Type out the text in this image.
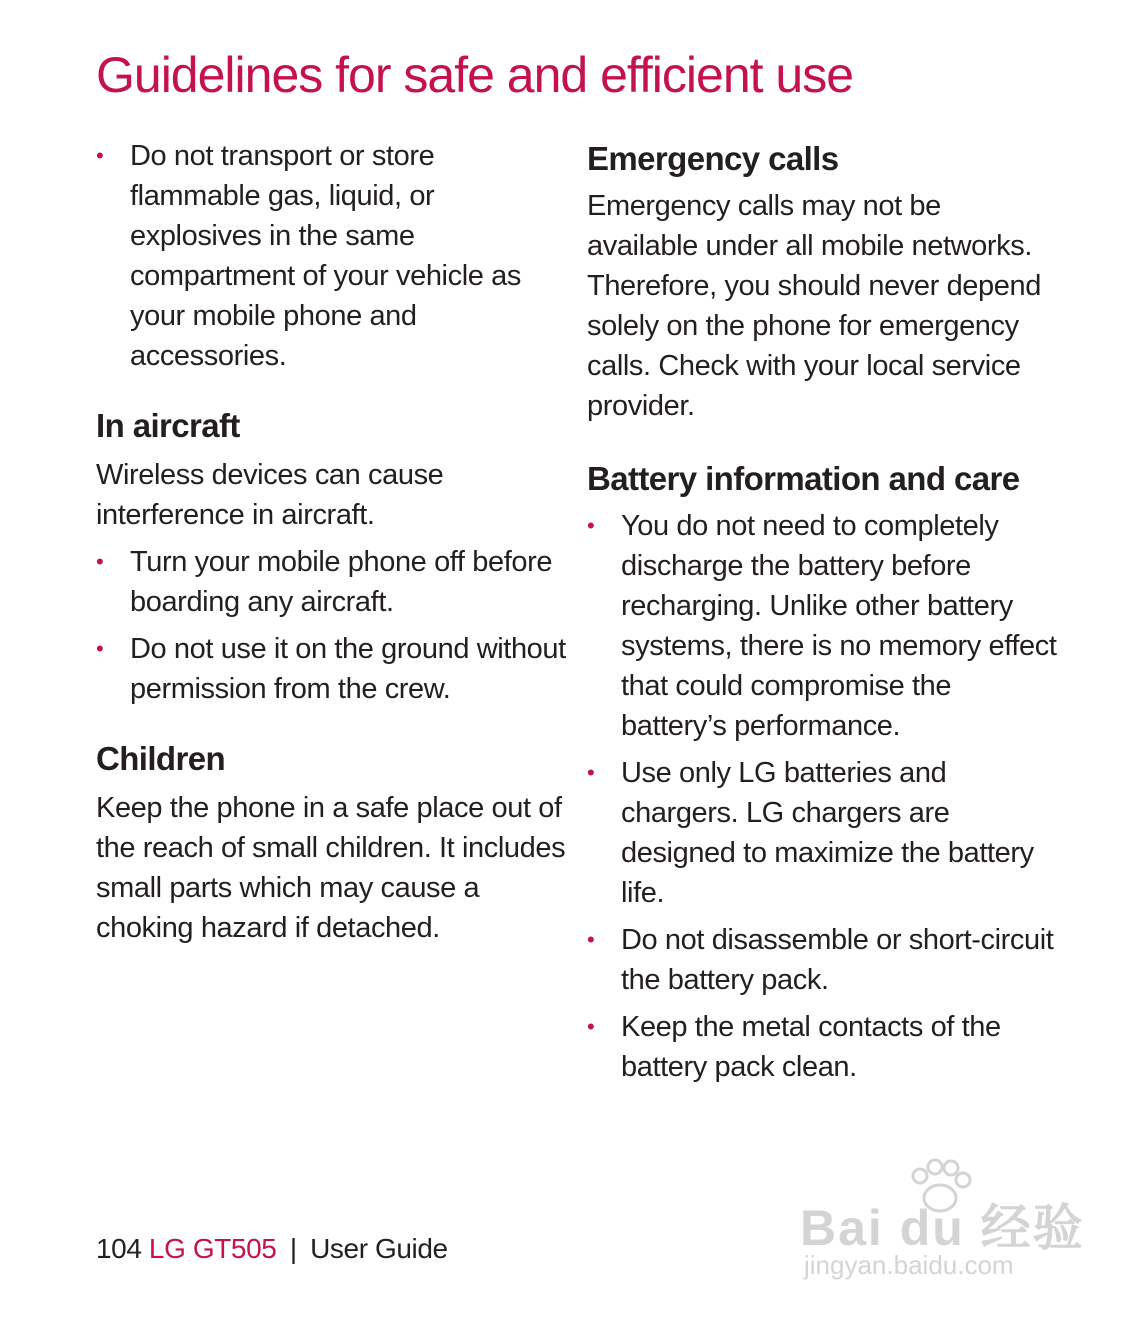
Guidelines for safe and efficient use
• Do not transport or store flammable gas, liquid, or explosives in the same compartment of your vehicle as your mobile phone and accessories.
In aircraft

Wireless devices can cause interference in aircraft.

• Turn your mobile phone off before boarding any aircraft.
• Do not use it on the ground without permission from the crew.
Children

Keep the phone in a safe place out of the reach of small children. It includes small parts which may cause a choking hazard if detached.

Emergency calls

Emergency calls may not be available under all mobile networks. Therefore, you should never depend solely on the phone for emergency calls. Check with your local service provider.

Battery information and care
• You do not need to completely discharge the battery before recharging. Unlike other battery systems, there is no memory effect that could compromise the battery’s performance.
• Use only LG batteries and chargers. LG chargers are designed to maximize the battery life.
• Do not disassemble or short-circuit the battery pack.
• Keep the metal contacts of the battery pack clean.
104 LG GT505 | User Guide	Bai du 经验
jingyan.baidu.com
